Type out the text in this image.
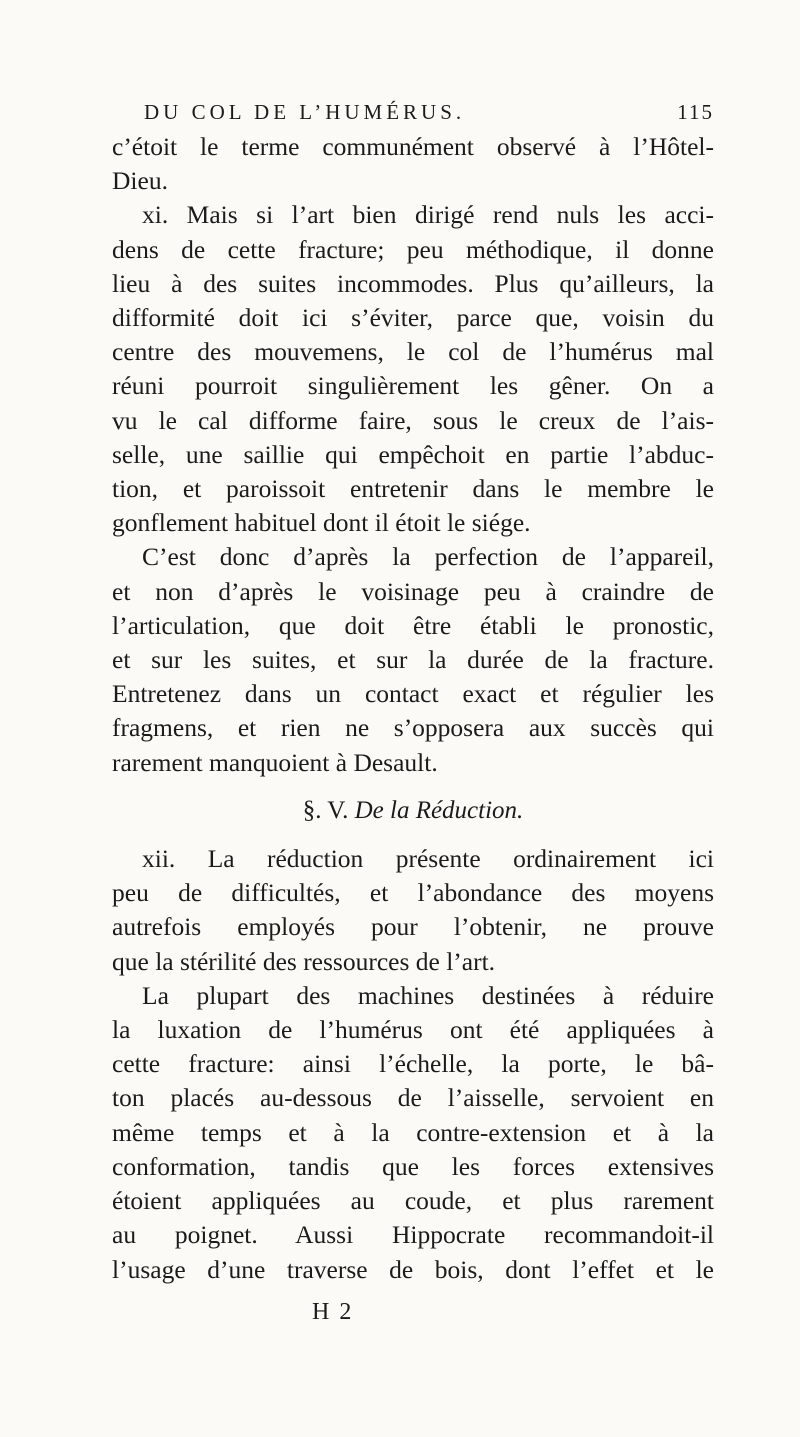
DU COL DE L’HUMÉRUS.	115

c’étoit le terme communément observé à l’Hôtel-
Dieu.

xi. Mais si l’art bien dirigé rend nuls les acci-
dens de cette fracture; peu méthodique, il donne
lieu à des suites incommodes. Plus qu’ailleurs, la
difformité doit ici s’éviter, parce que, voisin du
centre des mouvemens, le col de l’humérus mal
réuni pourroit singulièrement les gêner. On a
vu le cal difforme faire, sous le creux de l’ais-
selle, une saillie qui empêchoit en partie l’abduc-
tion, et paroissoit entretenir dans le membre le
gonflement habituel dont il étoit le siége.

C’est donc d’après la perfection de l’appareil,
et non d’après le voisinage peu à craindre de
l’articulation, que doit être établi le pronostic,
et sur les suites, et sur la durée de la fracture.
Entretenez dans un contact exact et régulier les
fragmens, et rien ne s’opposera aux succès qui
rarement manquoient à Desault.

§. V. De la Réduction.

xii. La réduction présente ordinairement ici
peu de difficultés, et l’abondance des moyens
autrefois employés pour l’obtenir, ne prouve
que la stérilité des ressources de l’art.

La plupart des machines destinées à réduire
la luxation de l’humérus ont été appliquées à
cette fracture: ainsi l’échelle, la porte, le bâ-
ton placés au-dessous de l’aisselle, servoient en
même temps et à la contre-extension et à la
conformation, tandis que les forces extensives
étoient appliquées au coude, et plus rarement
au poignet. Aussi Hippocrate recommandoit-il
l’usage d’une traverse de bois, dont l’effet et le

H 2
